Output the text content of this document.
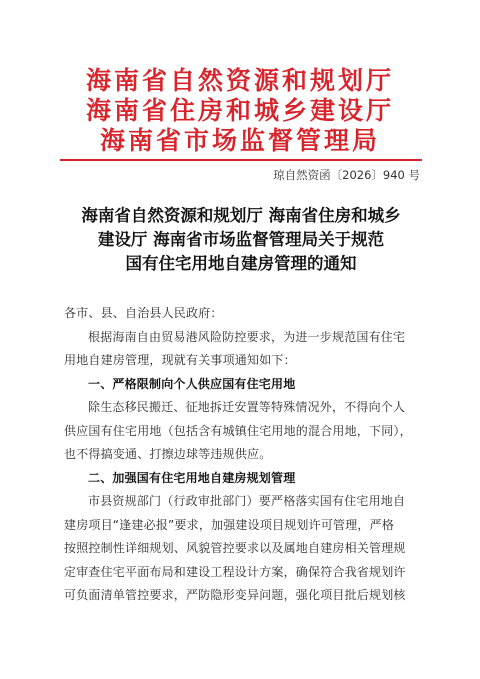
海南省自然资源和规划厅
海南省住房和城乡建设厅
海南省市场监督管理局
琼自然资函〔2026〕940 号
海南省自然资源和规划厅 海南省住房和城乡
建设厅 海南省市场监督管理局关于规范
国有住宅用地自建房管理的通知
各市、县、自治县人民政府：
根据海南自由贸易港风险防控要求，为进一步规范国有住宅
用地自建房管理，现就有关事项通知如下：
一、严格限制向个人供应国有住宅用地
除生态移民搬迁、征地拆迁安置等特殊情况外，不得向个人
供应国有住宅用地（包括含有城镇住宅用地的混合用地，下同），
也不得搞变通、打擦边球等违规供应。
二、加强国有住宅用地自建房规划管理
市县资规部门（行政审批部门）要严格落实国有住宅用地自
建房项目“逢建必报”要求，加强建设项目规划许可管理，严格
按照控制性详细规划、风貌管控要求以及属地自建房相关管理规
定审查住宅平面布局和建设工程设计方案，确保符合我省规划许
可负面清单管控要求，严防隐形变异问题，强化项目批后规划核
